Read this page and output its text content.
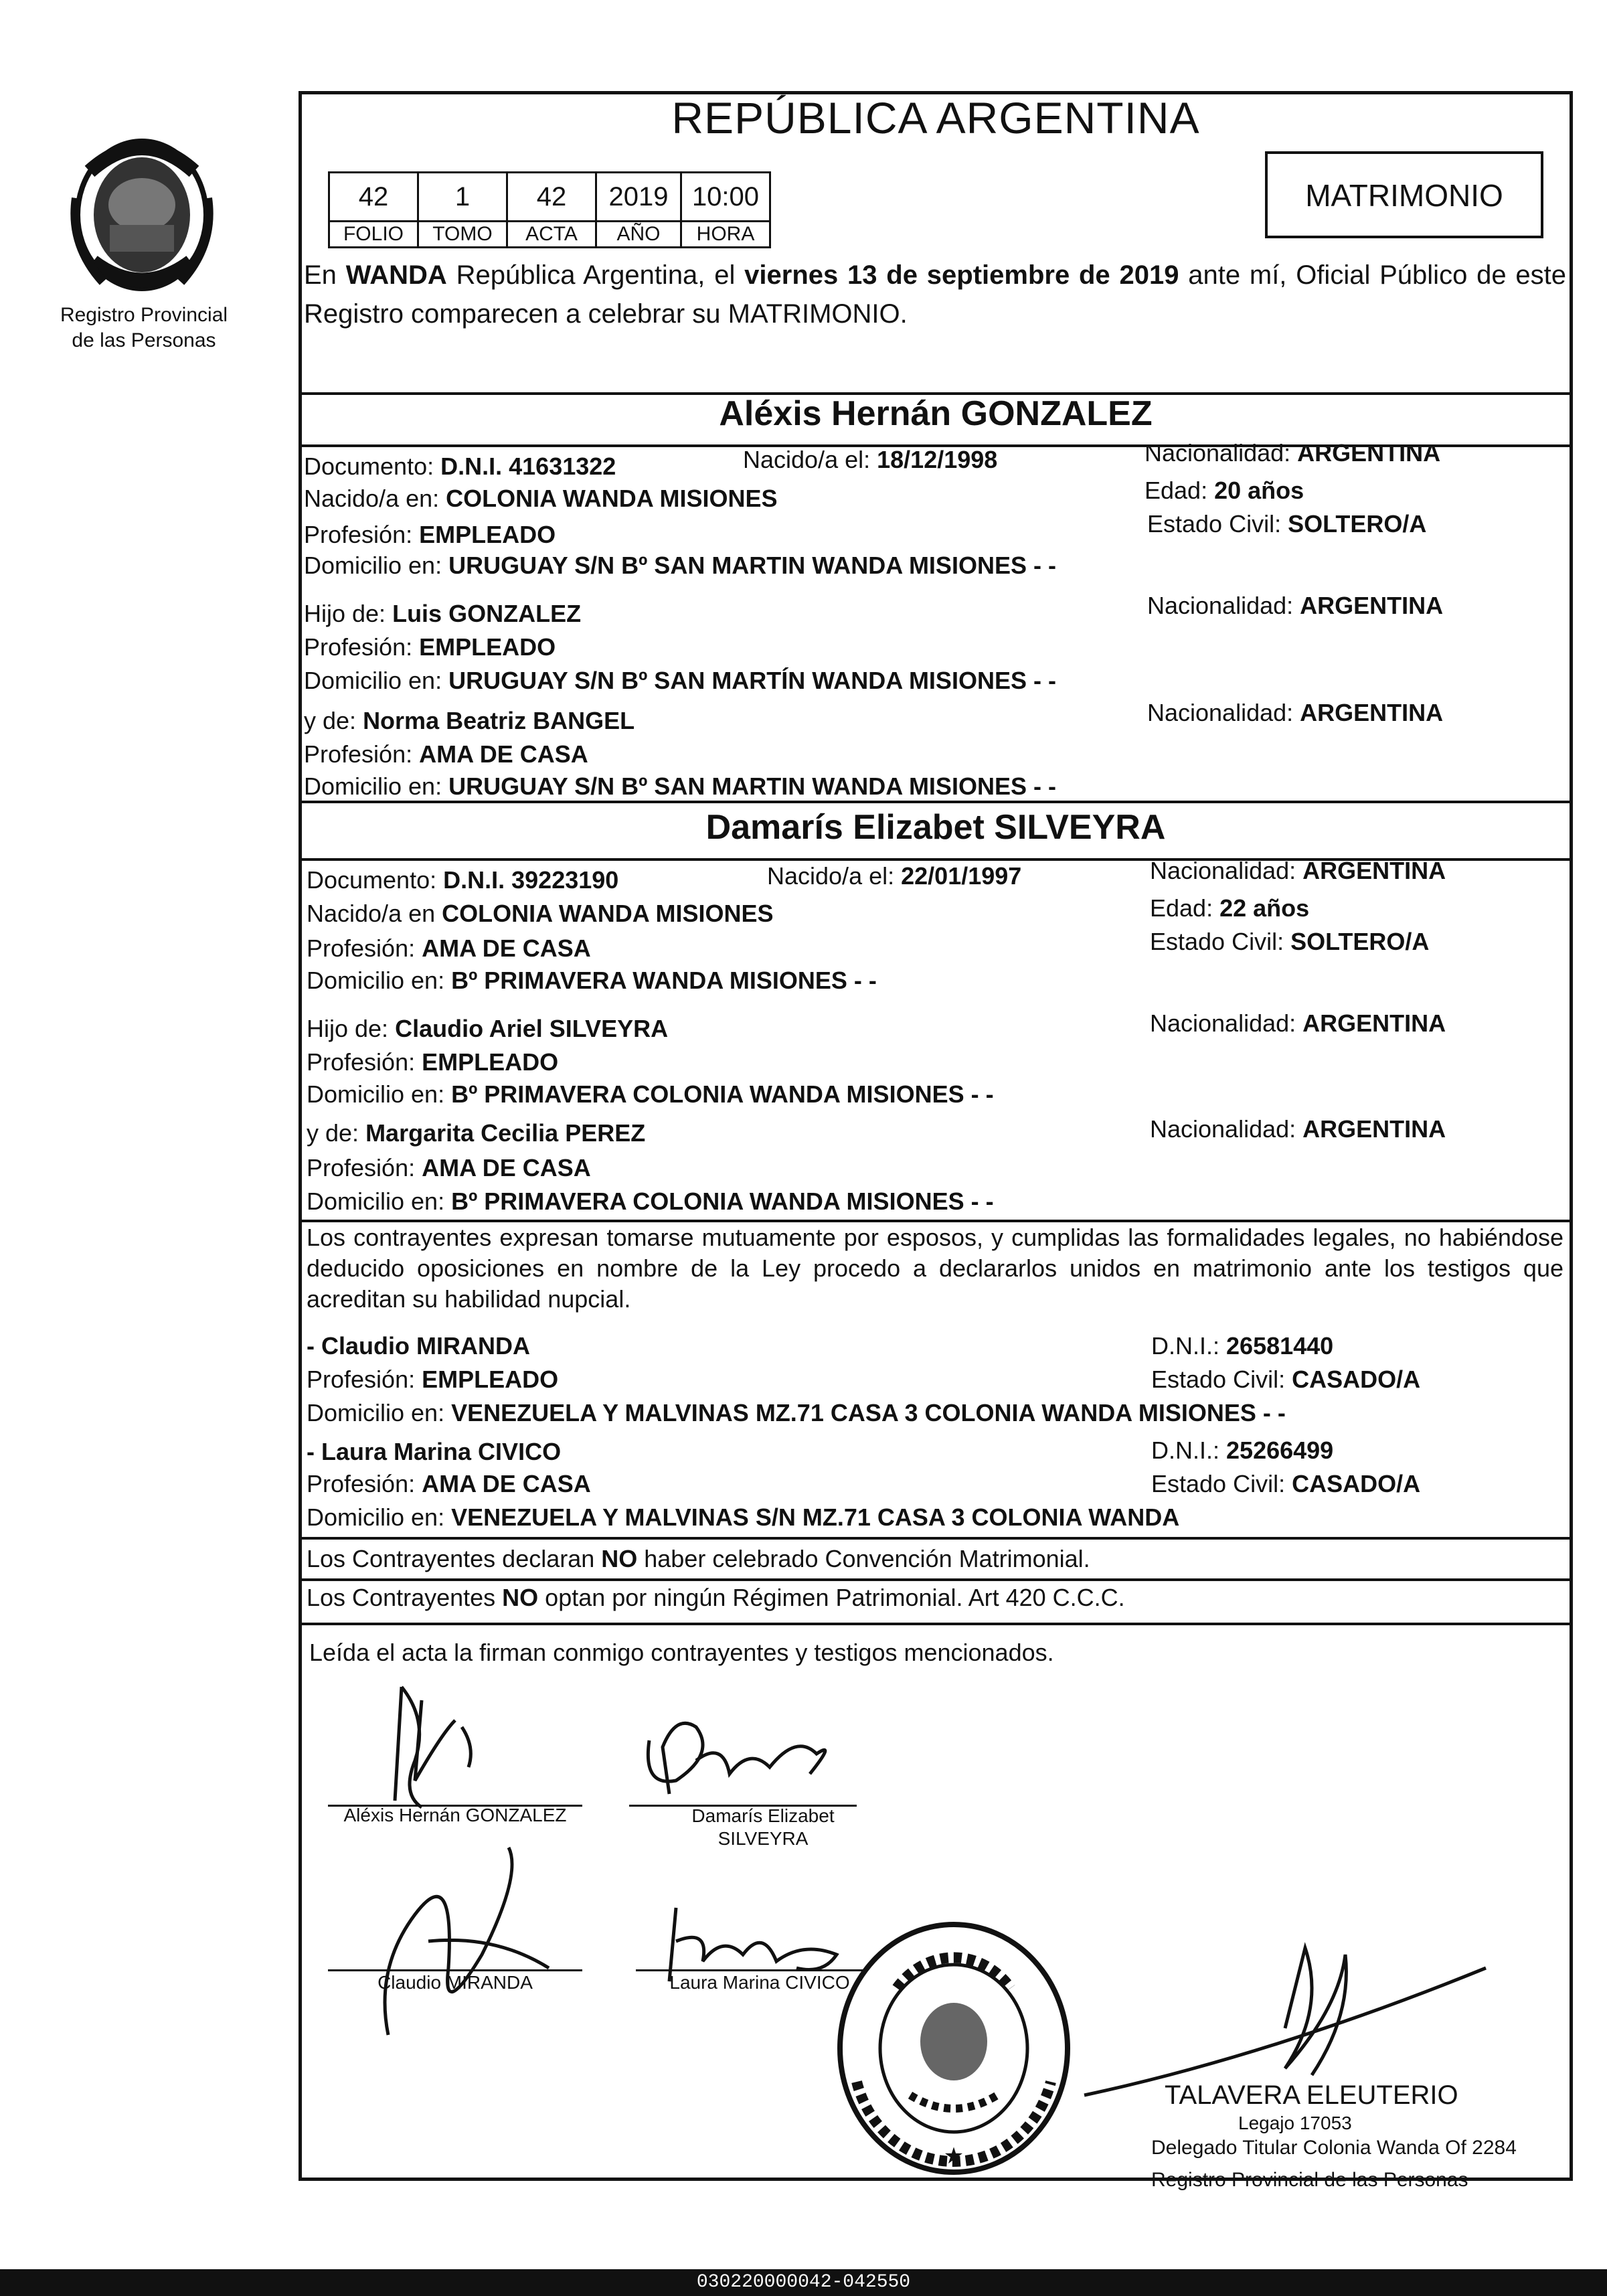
Registro Provincial
de las Personas
REPÚBLICA ARGENTINA
42	1	42	2019	10:00
FOLIO	TOMO	ACTA	AÑO	HORA
MATRIMONIO
En WANDA República Argentina, el viernes 13 de septiembre de 2019 ante mí, Oficial Público de este Registro comparecen a celebrar su MATRIMONIO.
Aléxis Hernán GONZALEZ
Documento: D.N.I. 41631322	Nacido/a el: 18/12/1998	Nacionalidad: ARGENTINA
Nacido/a en: COLONIA WANDA MISIONES	Edad: 20 años
Profesión: EMPLEADO	Estado Civil: SOLTERO/A
Domicilio en: URUGUAY S/N Bº SAN MARTIN WANDA MISIONES - -
Hijo de: Luis GONZALEZ	Nacionalidad: ARGENTINA
Profesión: EMPLEADO
Domicilio en: URUGUAY S/N Bº SAN MARTÍN WANDA MISIONES - -
y de: Norma Beatriz BANGEL	Nacionalidad: ARGENTINA
Profesión: AMA DE CASA
Domicilio en: URUGUAY S/N Bº SAN MARTIN WANDA MISIONES - -
Damarís Elizabet SILVEYRA
Documento: D.N.I. 39223190	Nacido/a el: 22/01/1997	Nacionalidad: ARGENTINA
Nacido/a en COLONIA WANDA MISIONES	Edad: 22 años
Profesión: AMA DE CASA	Estado Civil: SOLTERO/A
Domicilio en: Bº PRIMAVERA WANDA MISIONES - -
Hijo de: Claudio Ariel SILVEYRA	Nacionalidad: ARGENTINA
Profesión: EMPLEADO
Domicilio en: Bº PRIMAVERA COLONIA WANDA MISIONES - -
y de: Margarita Cecilia PEREZ	Nacionalidad: ARGENTINA
Profesión: AMA DE CASA
Domicilio en: Bº PRIMAVERA COLONIA WANDA MISIONES - -
Los contrayentes expresan tomarse mutuamente por esposos, y cumplidas las formalidades legales, no habiéndose deducido oposiciones en nombre de la Ley procedo a declararlos unidos en matrimonio ante los testigos que acreditan su habilidad nupcial.
- Claudio MIRANDA	D.N.I.: 26581440
Profesión: EMPLEADO	Estado Civil: CASADO/A
Domicilio en: VENEZUELA Y MALVINAS MZ.71 CASA 3 COLONIA WANDA MISIONES - -
- Laura Marina CIVICO	D.N.I.: 25266499
Profesión: AMA DE CASA	Estado Civil: CASADO/A
Domicilio en: VENEZUELA Y MALVINAS S/N MZ.71 CASA 3 COLONIA WANDA
Los Contrayentes declaran NO haber celebrado Convención Matrimonial.
Los Contrayentes NO optan por ningún Régimen Patrimonial. Art 420 C.C.C.
Leída el acta la firman conmigo contrayentes y testigos mencionados.
Aléxis Hernán GONZALEZ	Damarís Elizabet
SILVEYRA
Claudio MIRANDA	Laura Marina CIVICO
★
TALAVERA ELEUTERIO
Legajo 17053
Delegado Titular Colonia Wanda Of 2284
Registro Provincial de las Personas
030220000042-042550
